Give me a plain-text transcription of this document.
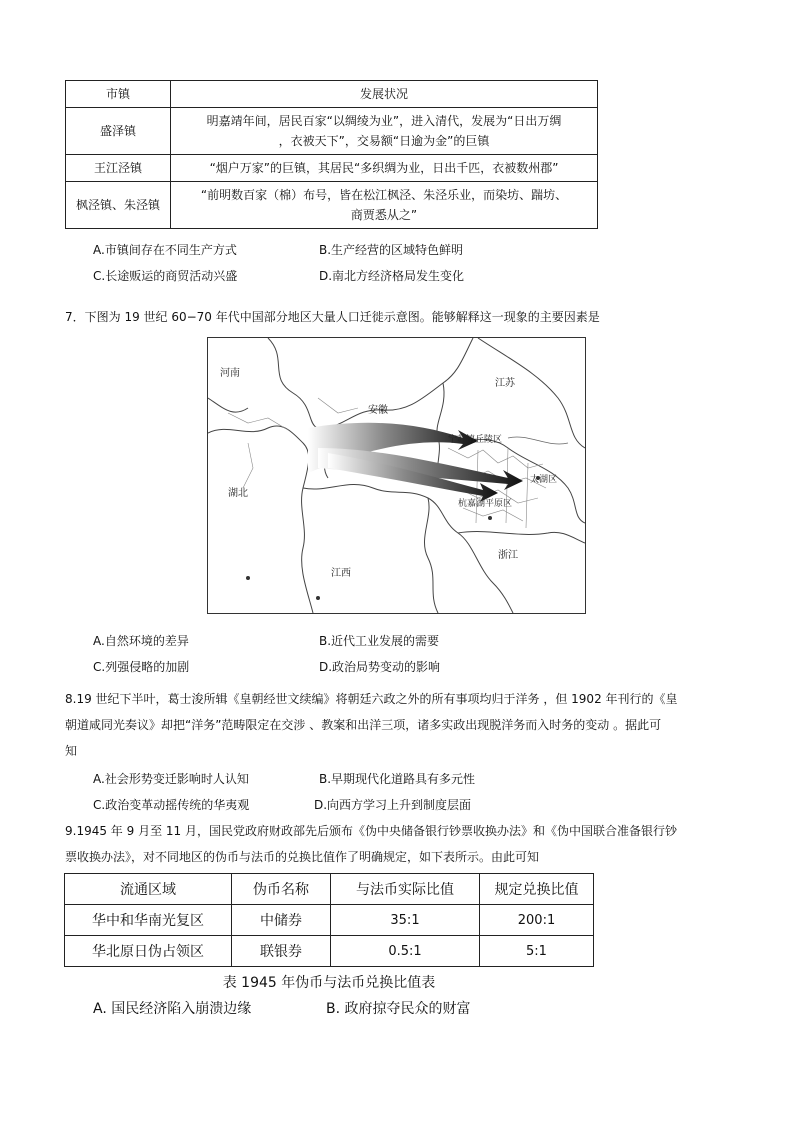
市镇	发展状况
盛泽镇	明嘉靖年间，居民百家“以绸绫为业”，进入清代，发展为“日出万绸
，衣被天下”，交易额“日逾为金”的巨镇

王江泾镇	“烟户万家”的巨镇，其居民“多织绸为业，日出千匹，衣被数州郡”

枫泾镇、朱泾镇	“前明数百家（棉）布号，皆在松江枫泾、朱泾乐业，而染坊、踹坊、
商贾悉从之”
A.市镇间存在不同生产方式	B.生产经营的区域特色鲜明
C.长途贩运的商贸活动兴盛	D.南北方经济格局发生变化
7．下图为 19 世纪 60−70 年代中国部分地区大量人口迁徙示意图。能够解释这一现象的主要因素是
河南
安徽
江苏
湖北
江西
浙江
宁苏镇丘陵区
太湖区
杭嘉湖平原区
A.自然环境的差异	B.近代工业发展的需要
C.列强侵略的加剧	D.政治局势变动的影响
8.19 世纪下半叶，葛士浚所辑《皇朝经世文续编》将朝廷六政之外的所有事项均归于洋务 ，但 1902 年刊行的《皇
朝道咸同光奏议》却把“洋务”范畴限定在交涉 、教案和出洋三项，诸多实政出现脱洋务而入时务的变动 。据此可
知
A.社会形势变迁影响时人认知	B.早期现代化道路具有多元性
C.政治变革动摇传统的华夷观	D.向西方学习上升到制度层面
9.1945 年 9 月至 11 月，国民党政府财政部先后颁布《伪中央储备银行钞票收换办法》和《伪中国联合准备银行钞
票收换办法》，对不同地区的伪币与法币的兑换比值作了明确规定，如下表所示。由此可知
流通区域	伪币名称	与法币实际比值	规定兑换比值
华中和华南光复区	中储券	35:1	200:1
华北原日伪占领区	联银券	0.5:1	5:1
表 1945 年伪币与法币兑换比值表
A. 国民经济陷入崩溃边缘	B. 政府掠夺民众的财富
